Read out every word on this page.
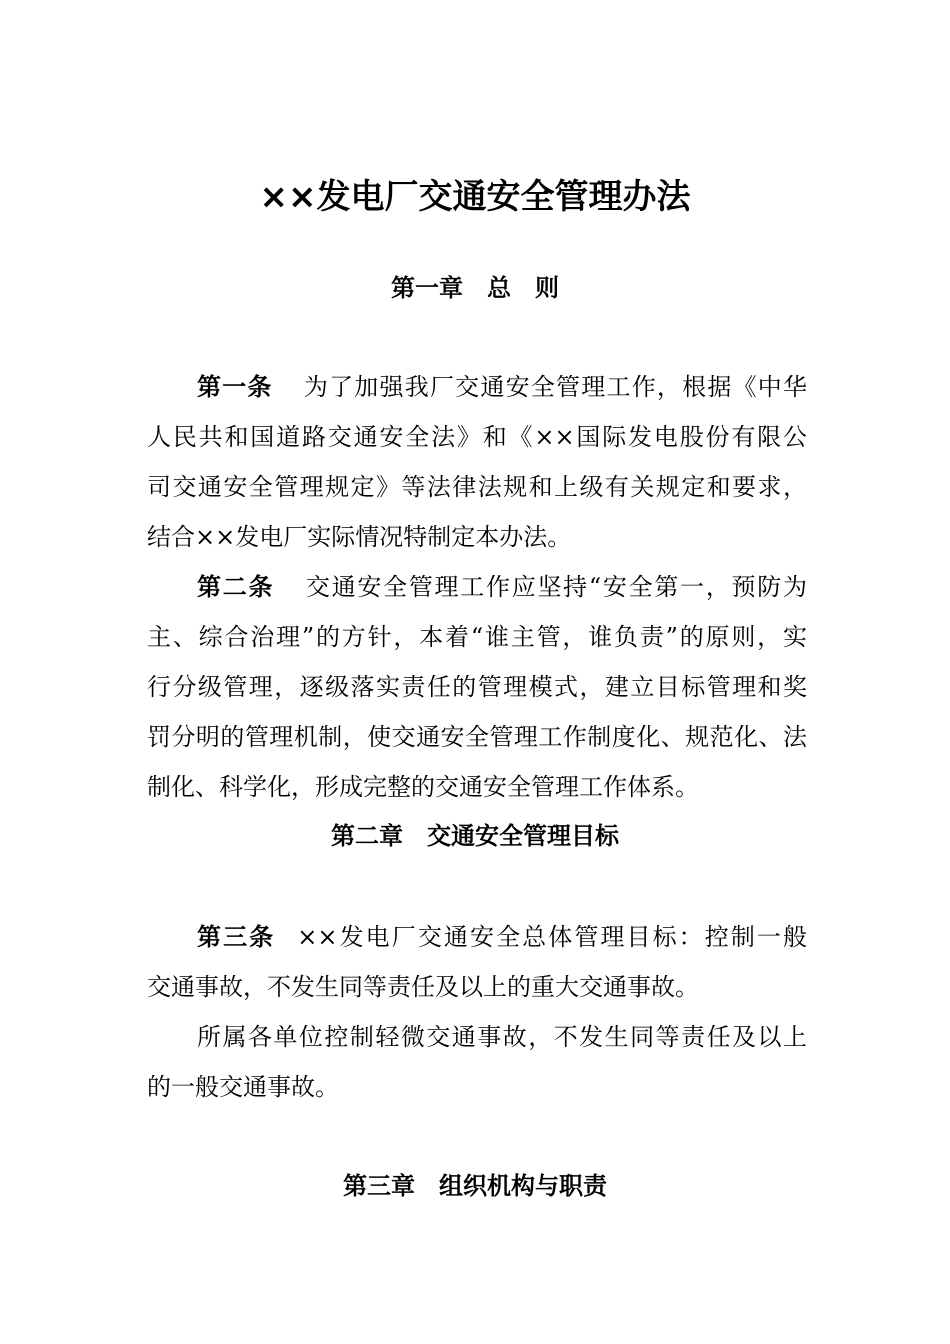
××发电厂交通安全管理办法
第一章 总 则
第一条 为了加强我厂交通安全管理工作，根据《中华
人民共和国道路交通安全法》和《××国际发电股份有限公
司交通安全管理规定》等法律法规和上级有关规定和要求，
结合××发电厂实际情况特制定本办法。
第二条 交通安全管理工作应坚持“安全第一，预防为
主、综合治理”的方针，本着“谁主管，谁负责”的原则，实
行分级管理，逐级落实责任的管理模式，建立目标管理和奖
罚分明的管理机制，使交通安全管理工作制度化、规范化、法
制化、科学化，形成完整的交通安全管理工作体系。
第二章 交通安全管理目标
第三条 ××发电厂交通安全总体管理目标：控制一般
交通事故，不发生同等责任及以上的重大交通事故。
所属各单位控制轻微交通事故，不发生同等责任及以上
的一般交通事故。
第三章 组织机构与职责
